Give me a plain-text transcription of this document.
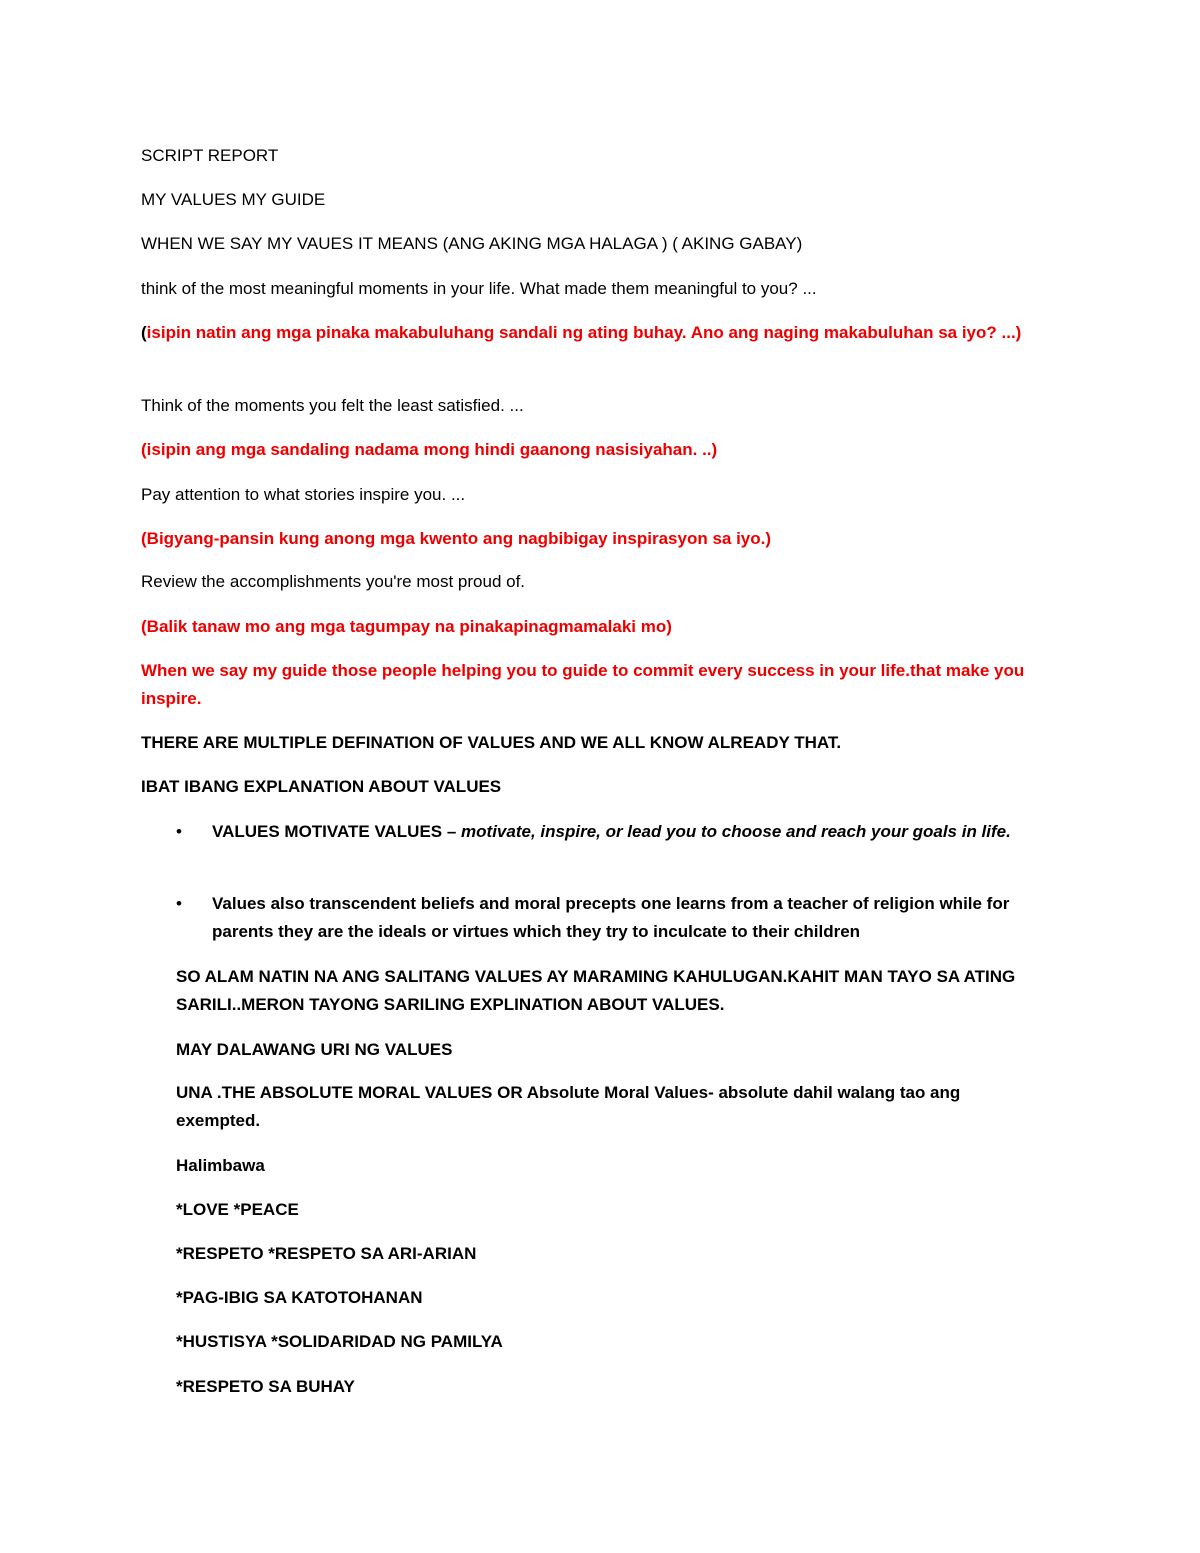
SCRIPT REPORT

MY VALUES MY GUIDE

WHEN WE SAY MY VAUES IT MEANS (ANG AKING MGA HALAGA ) ( AKING GABAY)

think of the most meaningful moments in your life. What made them meaningful to you? ...

(isipin natin ang mga pinaka makabuluhang sandali ng ating buhay. Ano ang naging makabuluhan sa iyo? ...)

Think of the moments you felt the least satisfied. ...

(isipin ang mga sandaling nadama mong hindi gaanong nasisiyahan. ..)

Pay attention to what stories inspire you. ...

(Bigyang-pansin kung anong mga kwento ang nagbibigay inspirasyon sa iyo.)

Review the accomplishments you're most proud of.

(Balik tanaw mo ang mga tagumpay na pinakapinagmamalaki mo)

When we say my guide those people helping you to guide to commit every success in your life.that make you inspire.

THERE ARE MULTIPLE DEFINATION OF VALUES AND WE ALL KNOW ALREADY THAT.

IBAT IBANG EXPLANATION ABOUT VALUES

• VALUES MOTIVATE VALUES – motivate, inspire, or lead you to choose and reach your goals in life.

• Values also transcendent beliefs and moral precepts one learns from a teacher of religion while for parents they are the ideals or virtues which they try to inculcate to their children

SO ALAM NATIN NA ANG SALITANG VALUES AY MARAMING KAHULUGAN.KAHIT MAN TAYO SA ATING SARILI..MERON TAYONG SARILING EXPLINATION ABOUT VALUES.

MAY DALAWANG URI NG VALUES

UNA .THE ABSOLUTE MORAL VALUES OR Absolute Moral Values- absolute dahil walang tao ang exempted.

Halimbawa

*LOVE *PEACE

*RESPETO *RESPETO SA ARI-ARIAN

*PAG-IBIG SA KATOTOHANAN

*HUSTISYA *SOLIDARIDAD NG PAMILYA

*RESPETO SA BUHAY
